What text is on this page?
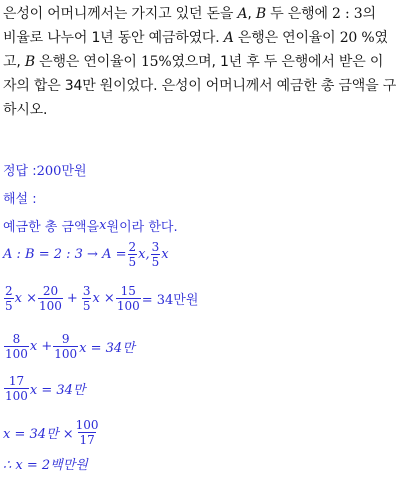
은성이 어머니께서는 가지고 있던 돈을 A, B 두 은행에 2 : 3의
비율로 나누어 1년 동안 예금하였다. A 은행은 연이율이 20 %였
고, B 은행은 연이율이 15%였으며, 1년 후 두 은행에서 받은 이
자의 합은 34만 원이었다. 은성이 어머니께서 예금한 총 금액을 구
하시오.
정답 : 200만원
해설 :
예금한 총 금액을 x 원이라 한다.
A : B = 2 : $3 \to A = \frac{2}{5} x$, $\frac{3}{5}$ x
$\frac{2}{5}$ $x \times \frac{20}{100} + \frac{3}{5}$ $x \times \frac{15}{100} = 34$만원
$\frac{8}{100}$ $x + \frac{9}{100}$ x = 34만
$\frac{17}{100}$ x = 34만
x = 34만 × $\frac{100}{17}$
∴ x = 2백만원
